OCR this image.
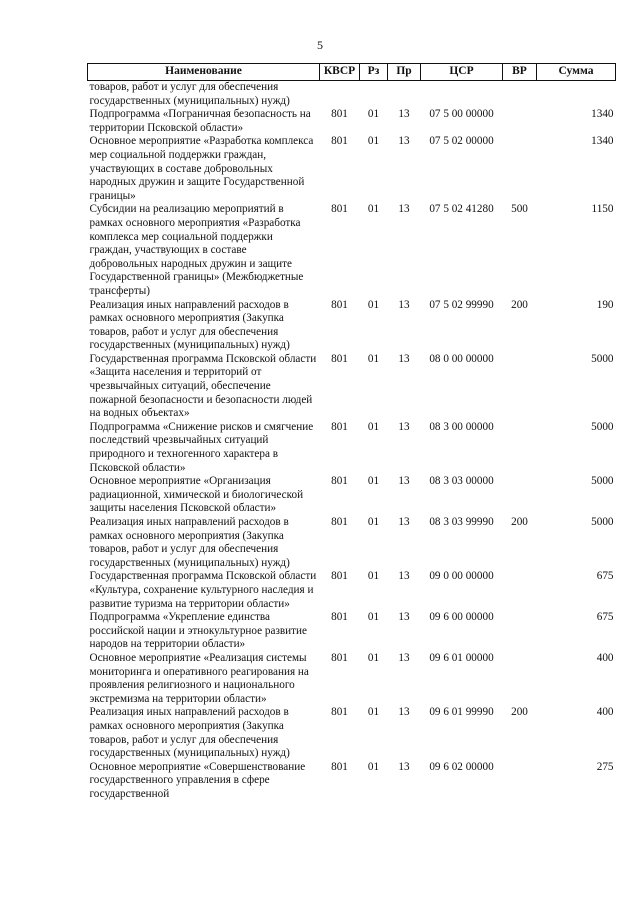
5
Наименование	КВСР	Рз	Пр	ЦСР	ВР	Сумма
товаров, работ и услуг для обеспечения государственных (муниципальных) нужд)						
Подпрограмма «Пограничная безопасность на территории Псковской области»	801	01	13	07 5 00 00000		1340
Основное мероприятие «Разработка комплекса мер социальной поддержки граждан, участвующих в составе добровольных народных дружин и защите Государственной границы»	801	01	13	07 5 02 00000		1340
Субсидии на реализацию мероприятий в рамках основного мероприятия «Разработка комплекса мер социальной поддержки граждан, участвующих в составе добровольных народных дружин и защите Государственной границы» (Межбюджетные трансферты)	801	01	13	07 5 02 41280	500	1150
Реализация иных направлений расходов в рамках основного мероприятия (Закупка товаров, работ и услуг для обеспечения государственных (муниципальных) нужд)	801	01	13	07 5 02 99990	200	190
Государственная программа Псковской области «Защита населения и территорий от чрезвычайных ситуаций, обеспечение пожарной безопасности и безопасности людей на водных объектах»	801	01	13	08 0 00 00000		5000
Подпрограмма «Снижение рисков и смягчение последствий чрезвычайных ситуаций природного и техногенного характера в Псковской области»	801	01	13	08 3 00 00000		5000
Основное мероприятие «Организация радиационной, химической и биологической защиты населения Псковской области»	801	01	13	08 3 03 00000		5000
Реализация иных направлений расходов в рамках основного мероприятия (Закупка товаров, работ и услуг для обеспечения государственных (муниципальных) нужд)	801	01	13	08 3 03 99990	200	5000
Государственная программа Псковской области «Культура, сохранение культурного наследия и развитие туризма на территории области»	801	01	13	09 0 00 00000		675
Подпрограмма «Укрепление единства российской нации и этнокультурное развитие народов на территории области»	801	01	13	09 6 00 00000		675
Основное мероприятие «Реализация системы мониторинга и оперативного реагирования на проявления религиозного и национального экстремизма на территории области»	801	01	13	09 6 01 00000		400
Реализация иных направлений расходов в рамках основного мероприятия (Закупка товаров, работ и услуг для обеспечения государственных (муниципальных) нужд)	801	01	13	09 6 01 99990	200	400
Основное мероприятие «Совершенствование государственного управления в сфере государственной	801	01	13	09 6 02 00000		275
